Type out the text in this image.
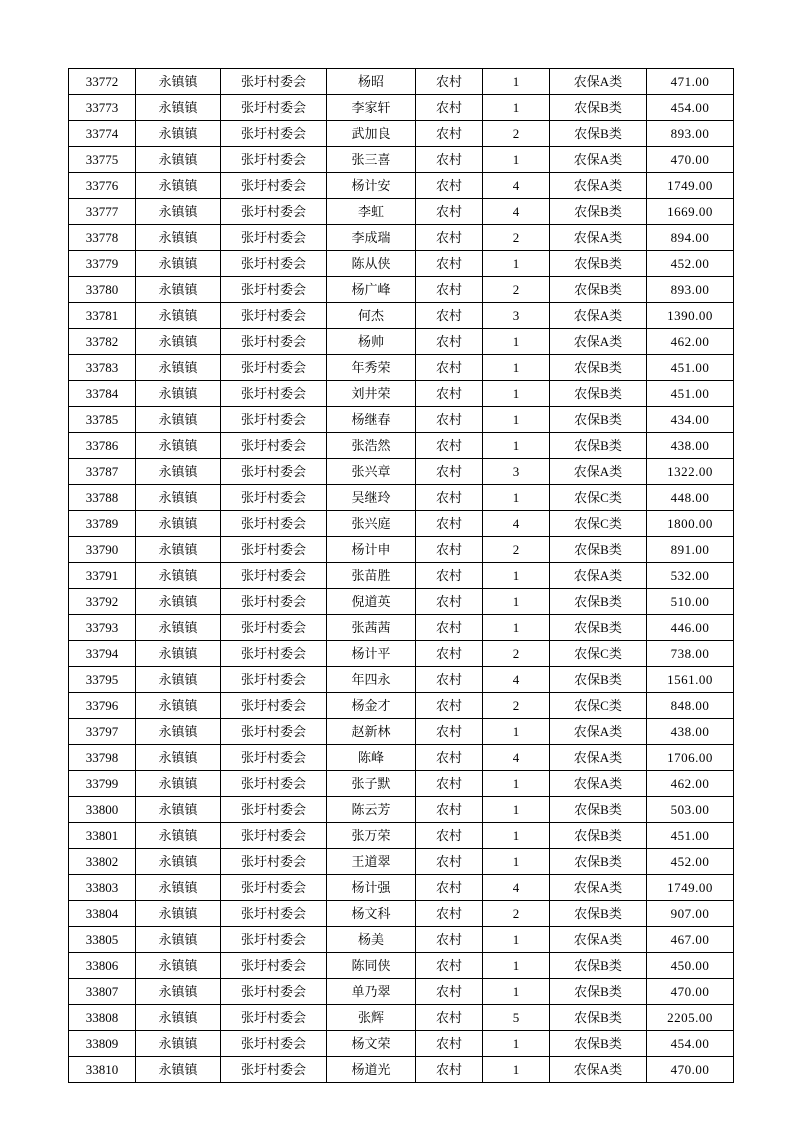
33772	永镇镇	张圩村委会	杨昭	农村	1	农保A类	471.00
33773	永镇镇	张圩村委会	李家轩	农村	1	农保B类	454.00
33774	永镇镇	张圩村委会	武加良	农村	2	农保B类	893.00
33775	永镇镇	张圩村委会	张三喜	农村	1	农保A类	470.00
33776	永镇镇	张圩村委会	杨计安	农村	4	农保A类	1749.00
33777	永镇镇	张圩村委会	李虹	农村	4	农保B类	1669.00
33778	永镇镇	张圩村委会	李成瑞	农村	2	农保A类	894.00
33779	永镇镇	张圩村委会	陈从侠	农村	1	农保B类	452.00
33780	永镇镇	张圩村委会	杨广峰	农村	2	农保B类	893.00
33781	永镇镇	张圩村委会	何杰	农村	3	农保A类	1390.00
33782	永镇镇	张圩村委会	杨帅	农村	1	农保A类	462.00
33783	永镇镇	张圩村委会	年秀荣	农村	1	农保B类	451.00
33784	永镇镇	张圩村委会	刘井荣	农村	1	农保B类	451.00
33785	永镇镇	张圩村委会	杨继春	农村	1	农保B类	434.00
33786	永镇镇	张圩村委会	张浩然	农村	1	农保B类	438.00
33787	永镇镇	张圩村委会	张兴章	农村	3	农保A类	1322.00
33788	永镇镇	张圩村委会	吴继玲	农村	1	农保C类	448.00
33789	永镇镇	张圩村委会	张兴庭	农村	4	农保C类	1800.00
33790	永镇镇	张圩村委会	杨计申	农村	2	农保B类	891.00
33791	永镇镇	张圩村委会	张苗胜	农村	1	农保A类	532.00
33792	永镇镇	张圩村委会	倪道英	农村	1	农保B类	510.00
33793	永镇镇	张圩村委会	张茜茜	农村	1	农保B类	446.00
33794	永镇镇	张圩村委会	杨计平	农村	2	农保C类	738.00
33795	永镇镇	张圩村委会	年四永	农村	4	农保B类	1561.00
33796	永镇镇	张圩村委会	杨金才	农村	2	农保C类	848.00
33797	永镇镇	张圩村委会	赵新林	农村	1	农保A类	438.00
33798	永镇镇	张圩村委会	陈峰	农村	4	农保A类	1706.00
33799	永镇镇	张圩村委会	张子默	农村	1	农保A类	462.00
33800	永镇镇	张圩村委会	陈云芳	农村	1	农保B类	503.00
33801	永镇镇	张圩村委会	张万荣	农村	1	农保B类	451.00
33802	永镇镇	张圩村委会	王道翠	农村	1	农保B类	452.00
33803	永镇镇	张圩村委会	杨计强	农村	4	农保A类	1749.00
33804	永镇镇	张圩村委会	杨文科	农村	2	农保B类	907.00
33805	永镇镇	张圩村委会	杨美	农村	1	农保A类	467.00
33806	永镇镇	张圩村委会	陈同侠	农村	1	农保B类	450.00
33807	永镇镇	张圩村委会	单乃翠	农村	1	农保B类	470.00
33808	永镇镇	张圩村委会	张辉	农村	5	农保B类	2205.00
33809	永镇镇	张圩村委会	杨文荣	农村	1	农保B类	454.00
33810	永镇镇	张圩村委会	杨道光	农村	1	农保A类	470.00
